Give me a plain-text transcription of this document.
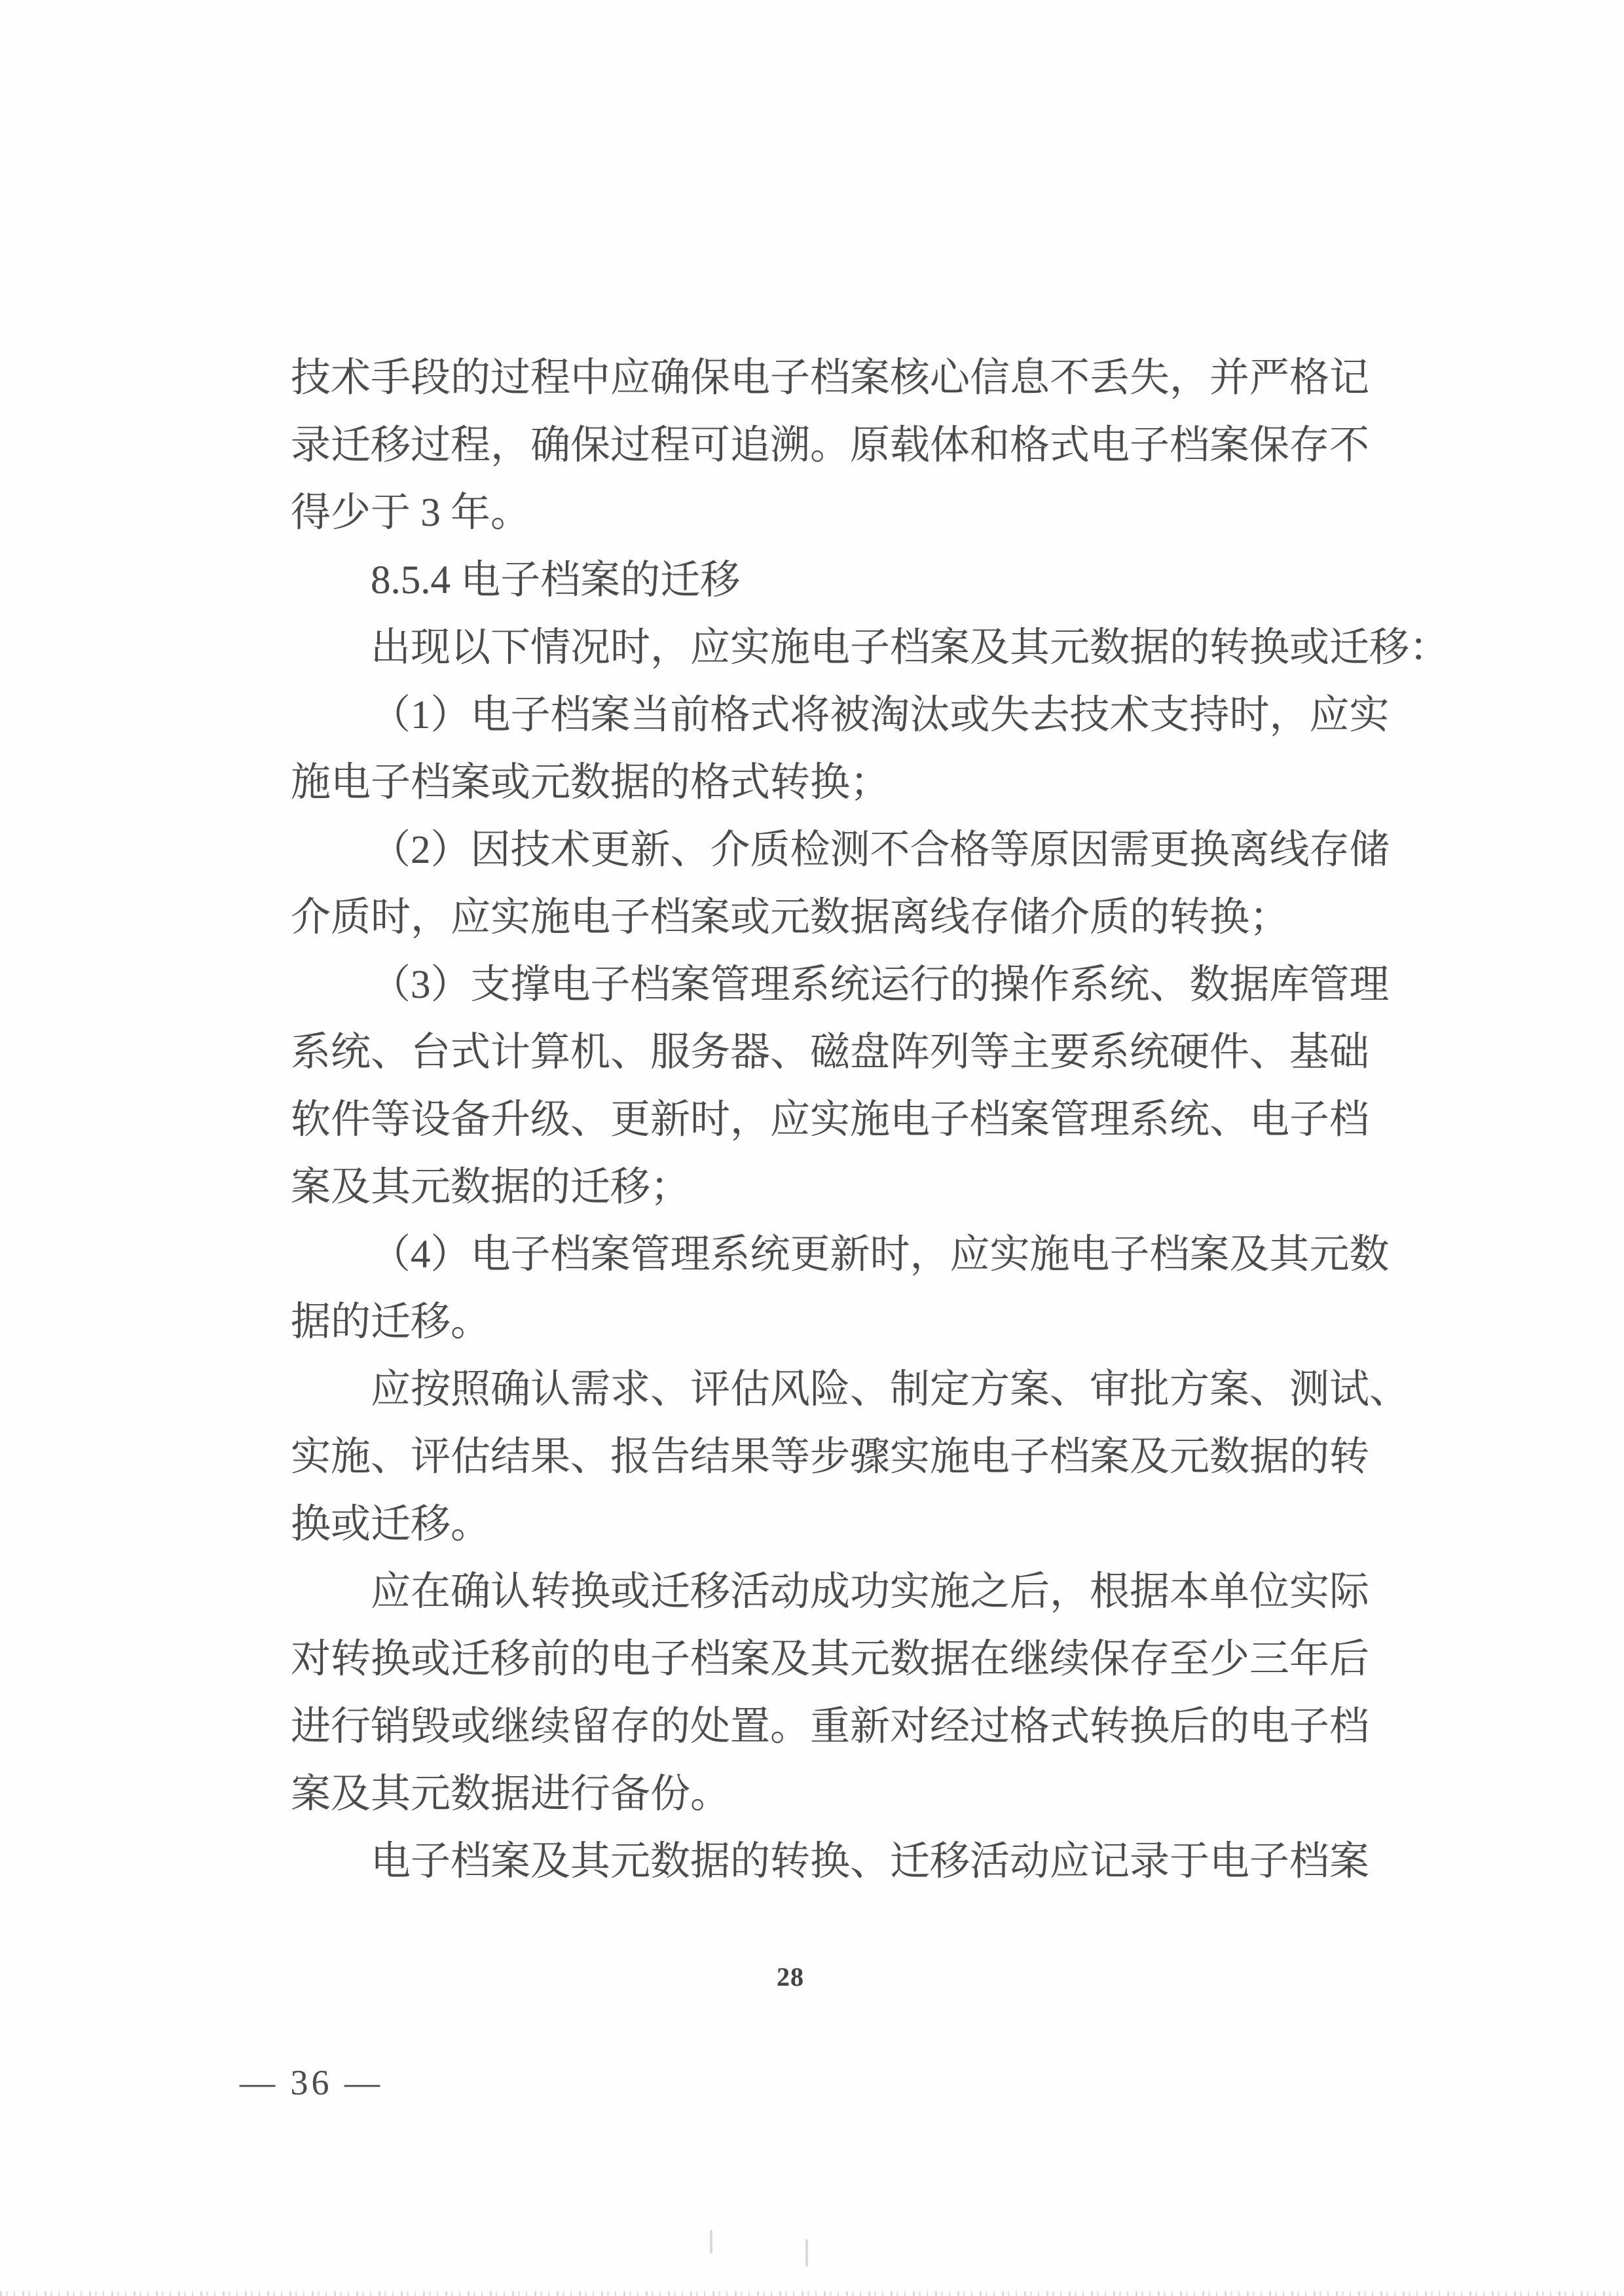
技术手段的过程中应确保电子档案核心信息不丢失，并严格记
录迁移过程，确保过程可追溯。原载体和格式电子档案保存不
得少于 3 年。
8.5.4 电子档案的迁移
出现以下情况时，应实施电子档案及其元数据的转换或迁移：
（1）电子档案当前格式将被淘汰或失去技术支持时，应实
施电子档案或元数据的格式转换；
（2）因技术更新、介质检测不合格等原因需更换离线存储
介质时，应实施电子档案或元数据离线存储介质的转换；
（3）支撑电子档案管理系统运行的操作系统、数据库管理
系统、台式计算机、服务器、磁盘阵列等主要系统硬件、基础
软件等设备升级、更新时，应实施电子档案管理系统、电子档
案及其元数据的迁移；
（4）电子档案管理系统更新时，应实施电子档案及其元数
据的迁移。
应按照确认需求、评估风险、制定方案、审批方案、测试、
实施、评估结果、报告结果等步骤实施电子档案及元数据的转
换或迁移。
应在确认转换或迁移活动成功实施之后，根据本单位实际
对转换或迁移前的电子档案及其元数据在继续保存至少三年后
进行销毁或继续留存的处置。重新对经过格式转换后的电子档
案及其元数据进行备份。
电子档案及其元数据的转换、迁移活动应记录于电子档案
28
— 36 —
